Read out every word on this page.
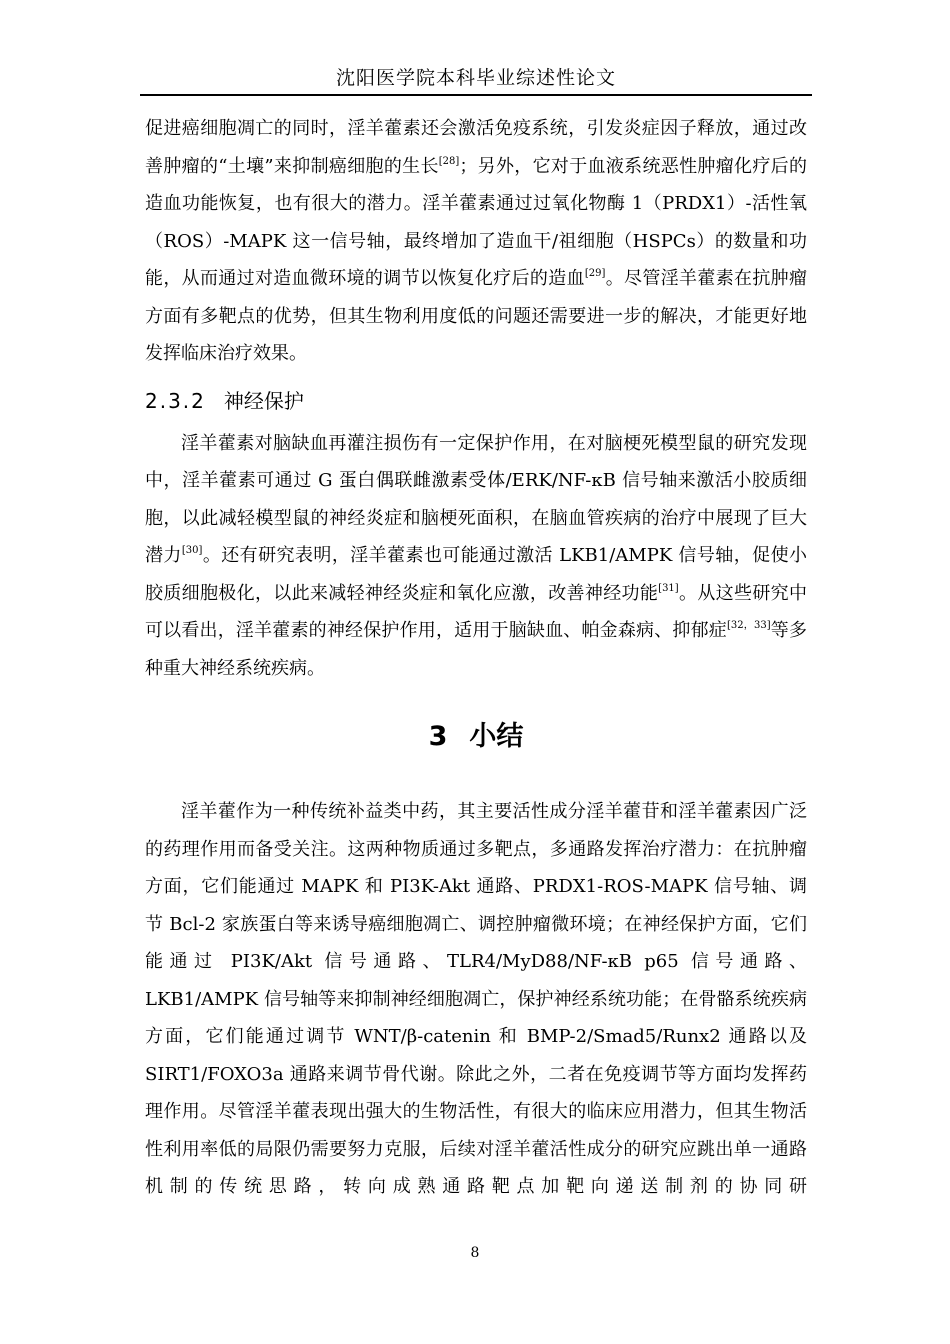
沈阳医学院本科毕业综述性论文

促进癌细胞凋亡的同时，淫羊藿素还会激活免疫系统，引发炎症因子释放，通过改善肿瘤的“土壤”来抑制癌细胞的生长[28]；另外，它对于血液系统恶性肿瘤化疗后的造血功能恢复，也有很大的潜力。淫羊藿素通过过氧化物酶 1（PRDX1）-活性氧（ROS）-MAPK 这一信号轴，最终增加了造血干/祖细胞（HSPCs）的数量和功能，从而通过对造血微环境的调节以恢复化疗后的造血[29]。尽管淫羊藿素在抗肿瘤方面有多靶点的优势，但其生物利用度低的问题还需要进一步的解决，才能更好地发挥临床治疗效果。

2.3.2 神经保护

淫羊藿素对脑缺血再灌注损伤有一定保护作用，在对脑梗死模型鼠的研究发现中，淫羊藿素可通过 G 蛋白偶联雌激素受体/ERK/NF-κB 信号轴来激活小胶质细胞，以此减轻模型鼠的神经炎症和脑梗死面积，在脑血管疾病的治疗中展现了巨大潜力[30]。还有研究表明，淫羊藿素也可能通过激活 LKB1/AMPK 信号轴，促使小胶质细胞极化，以此来减轻神经炎症和氧化应激，改善神经功能[31]。从这些研究中可以看出，淫羊藿素的神经保护作用，适用于脑缺血、帕金森病、抑郁症[32，33]等多种重大神经系统疾病。

3 小结

淫羊藿作为一种传统补益类中药，其主要活性成分淫羊藿苷和淫羊藿素因广泛的药理作用而备受关注。这两种物质通过多靶点，多通路发挥治疗潜力：在抗肿瘤方面，它们能通过 MAPK 和 PI3K-Akt 通路、PRDX1-ROS-MAPK 信号轴、调节 Bcl-2 家族蛋白等来诱导癌细胞凋亡、调控肿瘤微环境；在神经保护方面，它们能通过 PI3K/Akt 信号通路、TLR4/MyD88/NF-κB p65 信号通路、LKB1/AMPK 信号轴等来抑制神经细胞凋亡，保护神经系统功能；在骨骼系统疾病方面，它们能通过调节 WNT/β-catenin 和 BMP-2/Smad5/Runx2 通路以及 SIRT1/FOXO3a 通路来调节骨代谢。除此之外，二者在免疫调节等方面均发挥药理作用。尽管淫羊藿表现出强大的生物活性，有很大的临床应用潜力，但其生物活性利用率低的局限仍需要努力克服，后续对淫羊藿活性成分的研究应跳出单一通路机制的传统思路，转向成熟通路靶点加靶向递送制剂的协同研

8
